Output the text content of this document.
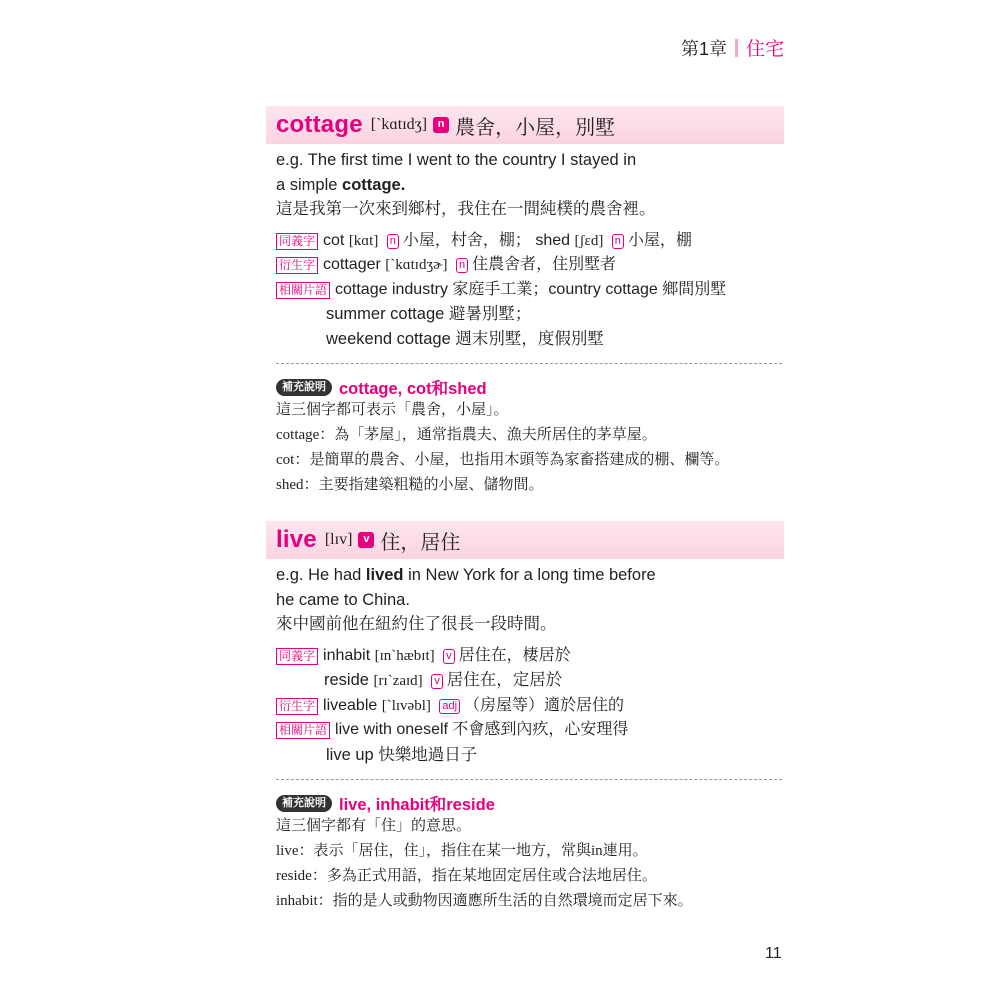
第1章 住宅
cottage [`kɑtɪdʒ] n 農舍，小屋，別墅
e.g. The first time I went to the country I stayed in
a simple cottage.
這是我第一次來到鄉村，我住在一間純樸的農舍裡。
同義字 cot [kɑt] n 小屋，村舍，棚； shed [ʃɛd] n 小屋，棚
衍生字 cottager [`kɑtɪdʒɚ] n 住農舍者，住別墅者
相關片語 cottage industry 家庭手工業；country cottage 鄉間別墅
summer cottage 避暑別墅；
weekend cottage 週末別墅，度假別墅
補充說明 cottage, cot和shed
這三個字都可表示「農舍，小屋」。
cottage：為「茅屋」，通常指農夫、漁夫所居住的茅草屋。
cot：是簡單的農舍、小屋，也指用木頭等為家畜搭建成的棚、欄等。
shed：主要指建築粗糙的小屋、儲物間。
live [lɪv] v 住，居住
e.g. He had lived in New York for a long time before
he came to China.
來中國前他在紐約住了很長一段時間。
同義字 inhabit [ɪn`hæbɪt] v 居住在，棲居於
reside [rɪ`zaɪd] v 居住在，定居於
衍生字 liveable [`lɪvəbl] adj （房屋等）適於居住的
相關片語 live with oneself 不會感到內疚，心安理得
live up 快樂地過日子
補充說明 live, inhabit和reside
這三個字都有「住」的意思。
live：表示「居住，住」，指住在某一地方，常與in連用。
reside：多為正式用語，指在某地固定居住或合法地居住。
inhabit：指的是人或動物因適應所生活的自然環境而定居下來。
11
